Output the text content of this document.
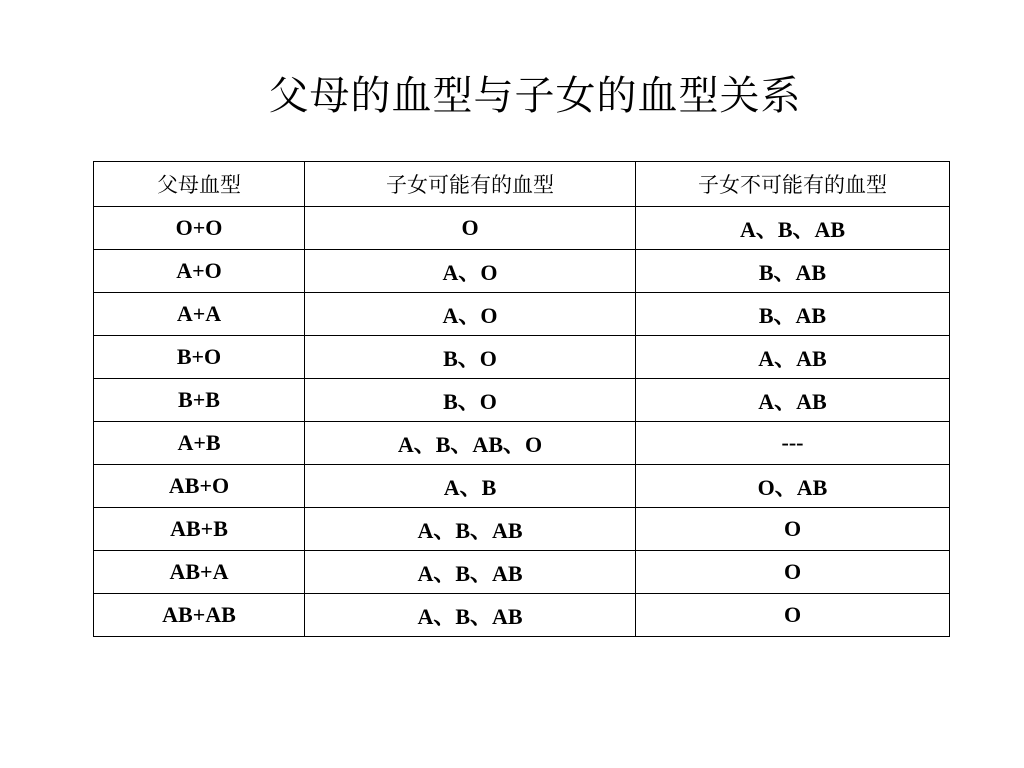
父母的血型与子女的血型关系
父母血型	子女可能有的血型	子女不可能有的血型
O+O	O	A、B、AB
A+O	A、O	B、AB
A+A	A、O	B、AB
B+O	B、O	A、AB
B+B	B、O	A、AB
A+B	A、B、AB、O	---
AB+O	A、B	O、AB
AB+B	A、B、AB	O
AB+A	A、B、AB	O
AB+AB	A、B、AB	O
